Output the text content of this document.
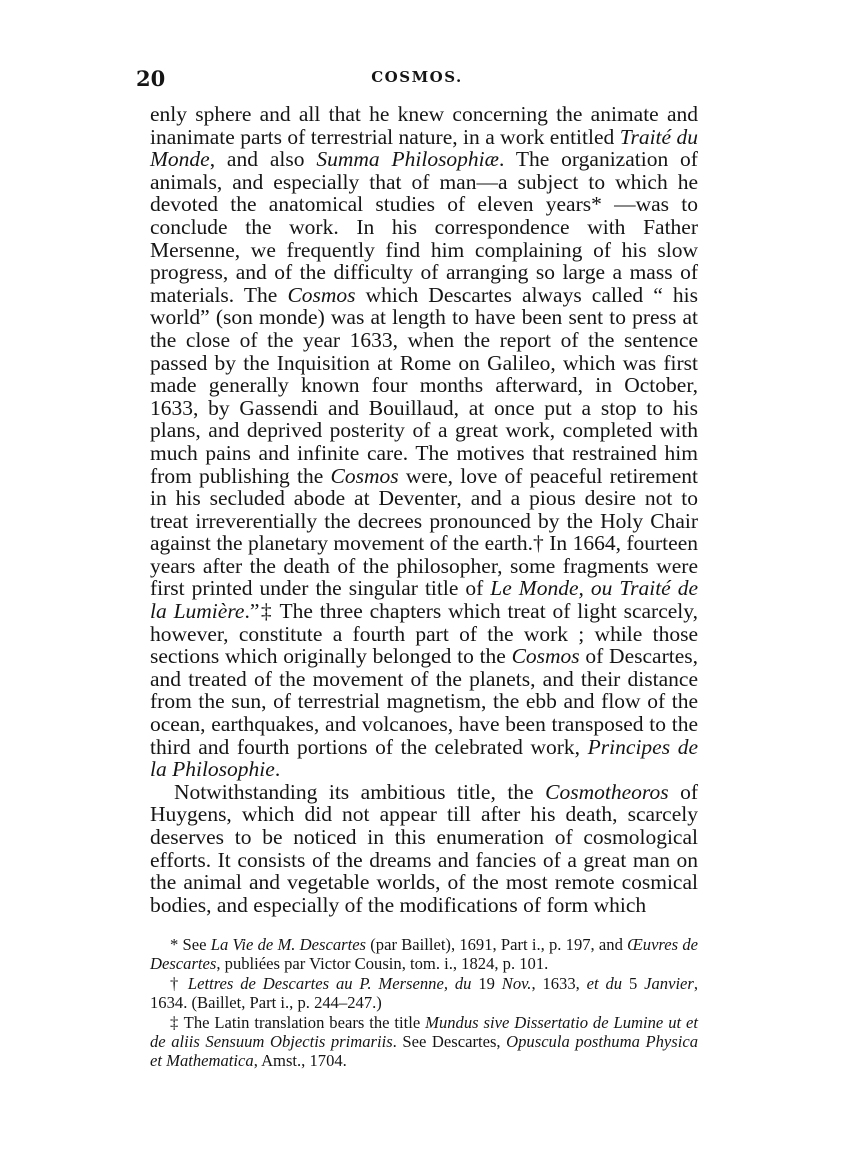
20	COSMOS.

enly sphere and all that he knew concerning the animate and inanimate parts of terrestrial nature, in a work entitled Traité du Monde, and also Summa Philosophiæ. The organization of animals, and especially that of man—a subject to which he devoted the anatomical studies of eleven years* —was to conclude the work. In his correspondence with Father Mersenne, we frequently find him complaining of his slow progress, and of the difficulty of arranging so large a mass of materials. The Cosmos which Descartes always called “ his world” (son monde) was at length to have been sent to press at the close of the year 1633, when the report of the sentence passed by the Inquisition at Rome on Galileo, which was first made generally known four months afterward, in October, 1633, by Gassendi and Bouillaud, at once put a stop to his plans, and deprived posterity of a great work, completed with much pains and infinite care. The motives that restrained him from publishing the Cosmos were, love of peaceful retirement in his secluded abode at Deventer, and a pious desire not to treat irreverentially the decrees pronounced by the Holy Chair against the planetary movement of the earth.† In 1664, fourteen years after the death of the philosopher, some fragments were first printed under the singular title of Le Monde, ou Traité de la Lumière.”‡ The three chapters which treat of light scarcely, however, constitute a fourth part of the work ; while those sections which originally belonged to the Cosmos of Descartes, and treated of the movement of the planets, and their distance from the sun, of terrestrial magnetism, the ebb and flow of the ocean, earthquakes, and volcanoes, have been transposed to the third and fourth portions of the celebrated work, Principes de la Philosophie.

Notwithstanding its ambitious title, the Cosmotheoros of Huygens, which did not appear till after his death, scarcely deserves to be noticed in this enumeration of cosmological efforts. It consists of the dreams and fancies of a great man on the animal and vegetable worlds, of the most remote cosmical bodies, and especially of the modifications of form which

* See La Vie de M. Descartes (par Baillet), 1691, Part i., p. 197, and Œuvres de Descartes, publiées par Victor Cousin, tom. i., 1824, p. 101.

† Lettres de Descartes au P. Mersenne, du 19 Nov., 1633, et du 5 Janvier, 1634. (Baillet, Part i., p. 244–247.)

‡ The Latin translation bears the title Mundus sive Dissertatio de Lumine ut et de aliis Sensuum Objectis primariis. See Descartes, Opuscula posthuma Physica et Mathematica, Amst., 1704.
